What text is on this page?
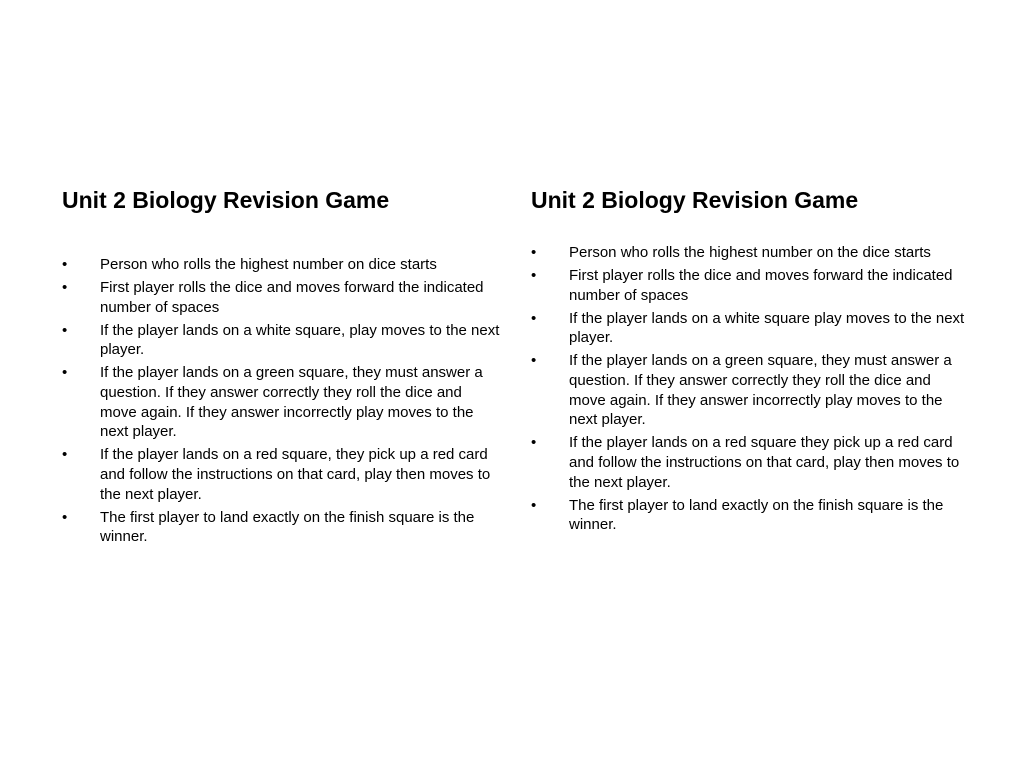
Unit 2 Biology Revision Game
• Person who rolls the highest number on dice starts
• First player rolls the dice and moves forward the indicated number of spaces
• If the player lands on a white square, play moves to the next player.
• If the player lands on a green square, they must answer a question. If they answer correctly they roll the dice and move again. If they answer incorrectly play moves to the next player.
• If the player lands on a red square, they pick up a red card and follow the instructions on that card, play then moves to the next player.
• The first player to land exactly on the finish square is the winner.
Unit 2 Biology Revision Game
• Person who rolls the highest number on the dice starts
• First player rolls the dice and moves forward the indicated number of spaces
• If the player lands on a white square play moves to the next player.
• If the player lands on a green square, they must answer a question. If they answer correctly they roll the dice and move again. If they answer incorrectly play moves to the next player.
• If the player lands on a red square they pick up a red card and follow the instructions on that card, play then moves to the next player.
• The first player to land exactly on the finish square is the winner.
